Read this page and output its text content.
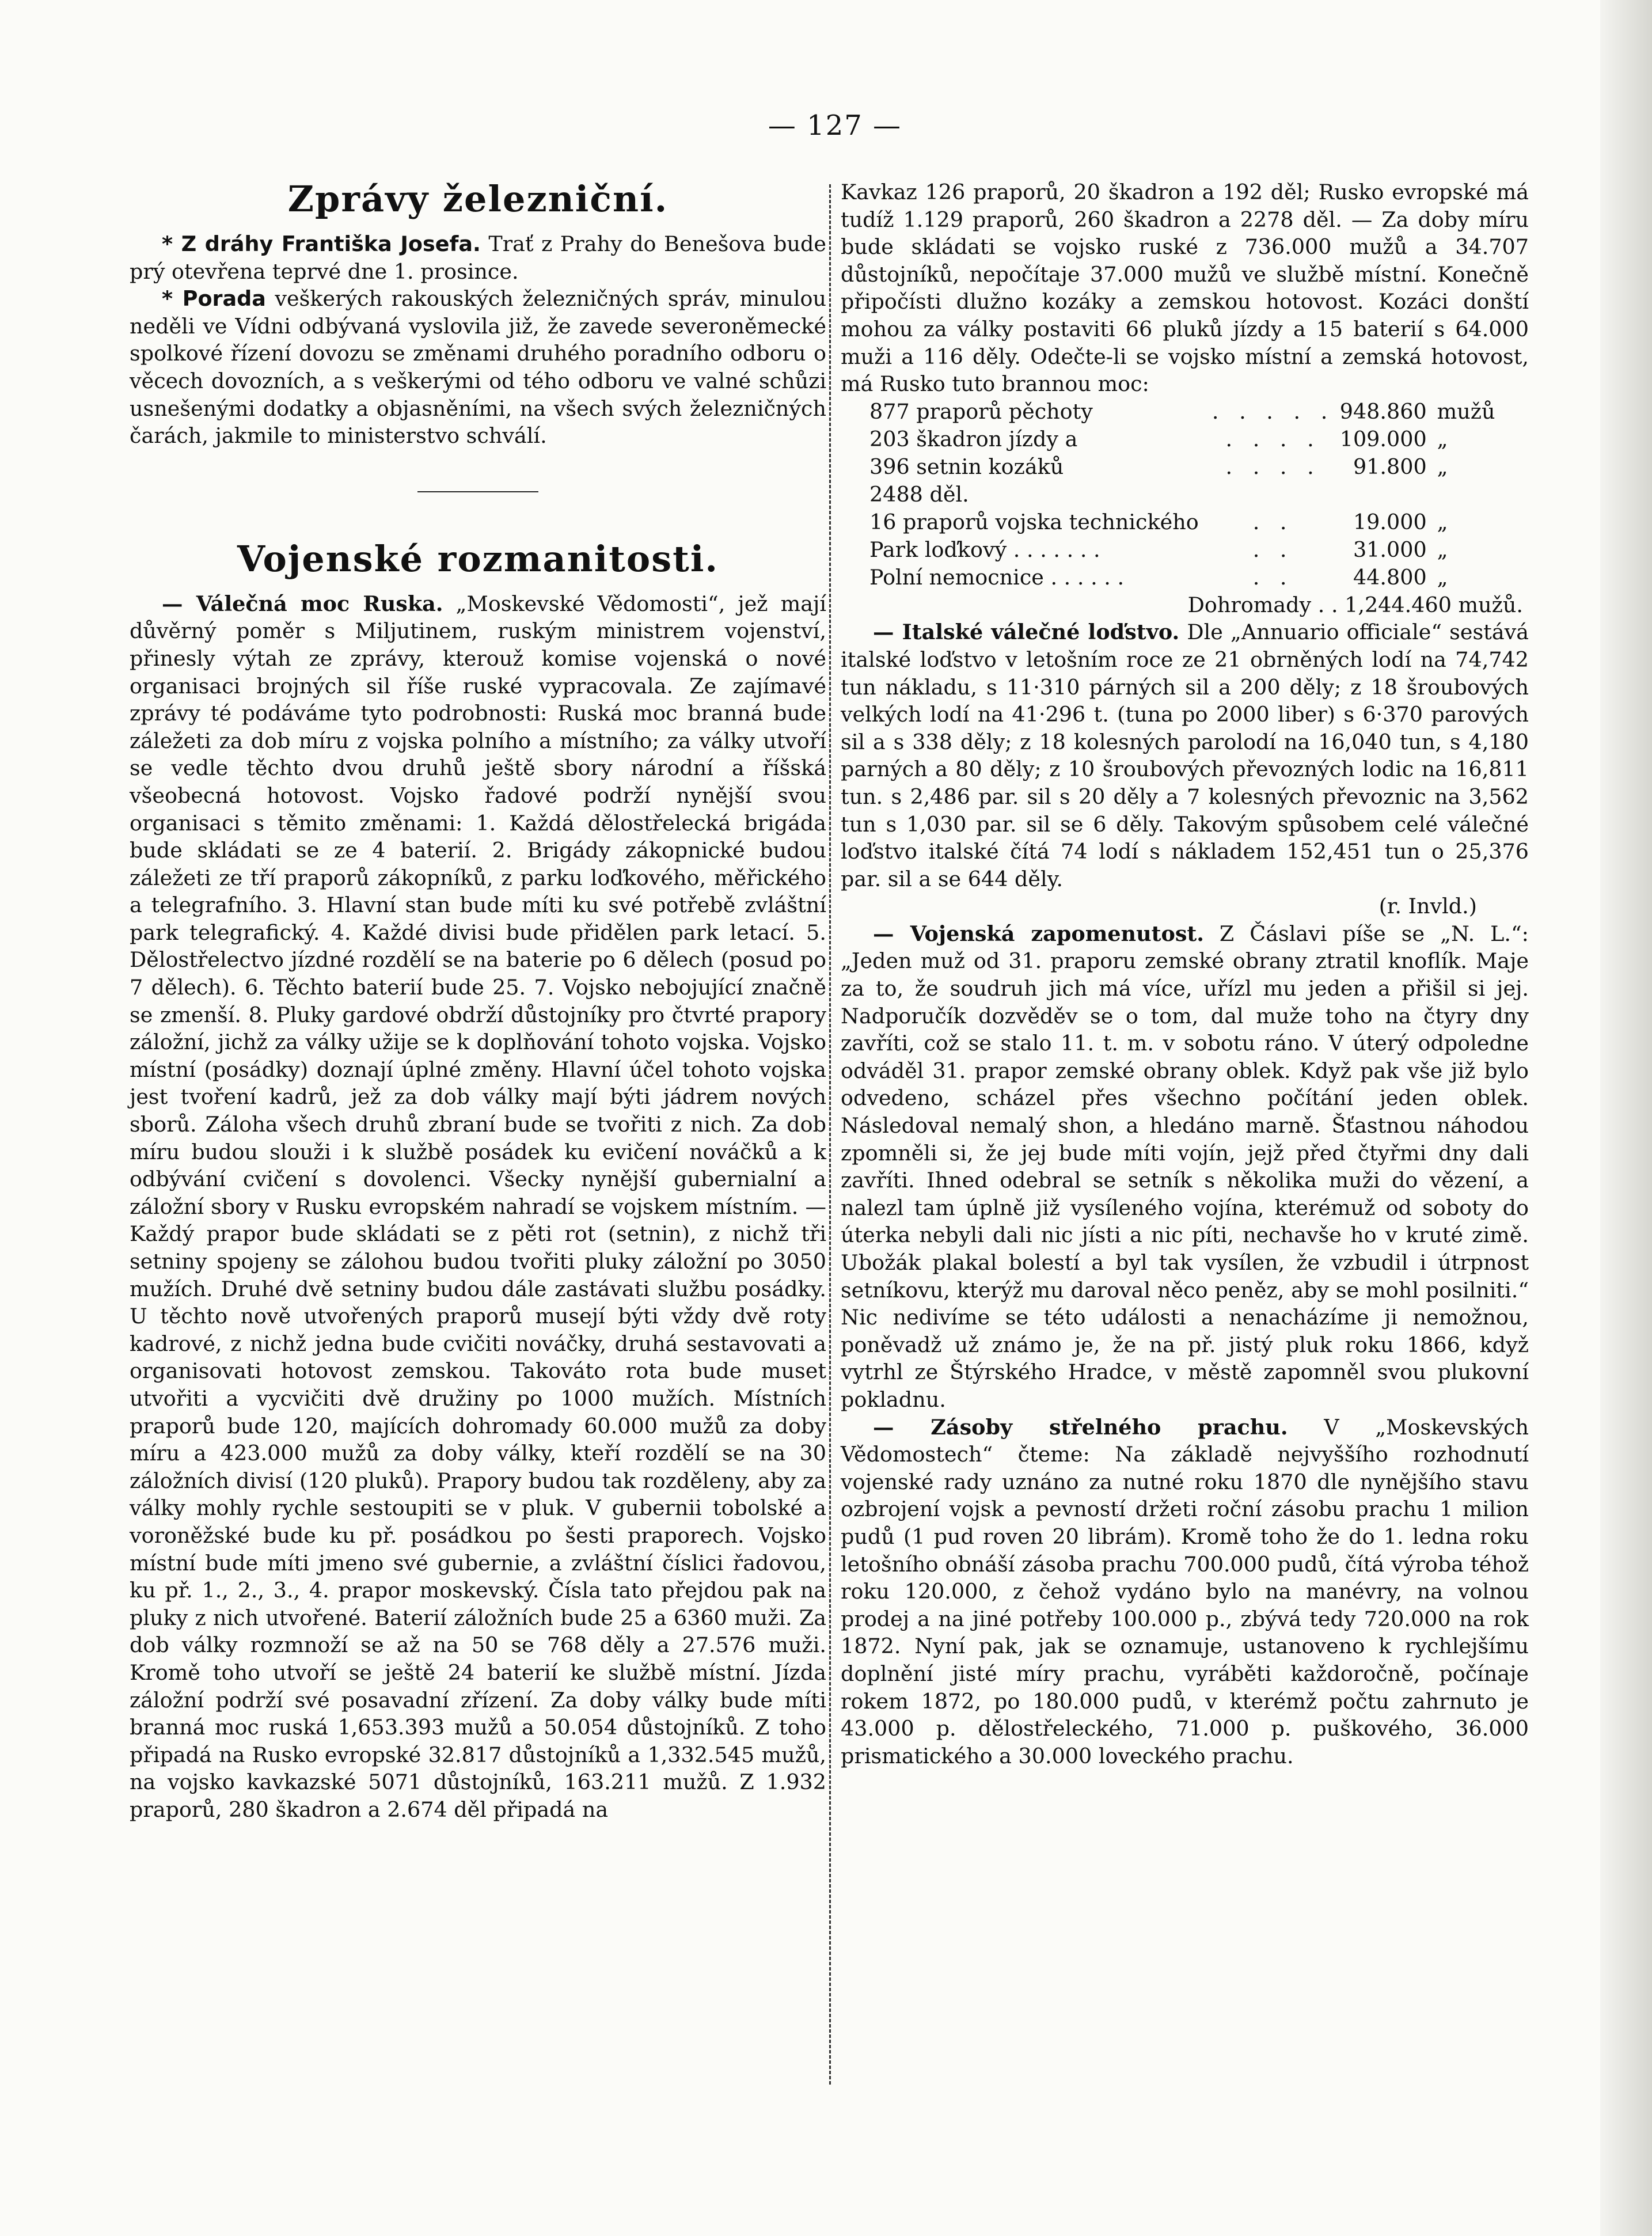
— 127 —
Zprávy železniční.

* Z dráhy Františka Josefa. Trať z Prahy do Benešova bude prý otevřena teprvé dne 1. prosince.

* Porada veškerých rakouských železničných správ, minulou neděli ve Vídni odbývaná vyslovila již, že zavede severoněmecké spolkové řízení dovozu se změnami druhého poradního odboru o věcech dovozních, a s veškerými od tého odboru ve valné schůzi usnešenými dodatky a objasněními, na všech svých železničných čarách, jakmile to ministerstvo schválí.

Vojenské rozmanitosti.

— Válečná moc Ruska. „Moskevské Vědomosti“, jež mají důvěrný poměr s Miljutinem, ruským ministrem vojenství, přinesly výtah ze zprávy, kterouž komise vojenská o nové organisaci brojných sil říše ruské vypracovala. Ze zajímavé zprávy té podáváme tyto podrobnosti: Ruská moc branná bude záležeti za dob míru z vojska polního a místního; za války utvoří se vedle těchto dvou druhů ještě sbory národní a říšská všeobecná hotovost. Vojsko řadové podrží nynější svou organisaci s těmito změnami: 1. Každá dělostřelecká brigáda bude skládati se ze 4 baterií. 2. Brigády zákopnické budou záležeti ze tří praporů zákopníků, z parku loďkového, měřického a telegrafního. 3. Hlavní stan bude míti ku své potřebě zvláštní park telegrafický. 4. Každé divisi bude přidělen park letací. 5. Dělostřelectvo jízdné rozdělí se na baterie po 6 dělech (posud po 7 dělech). 6. Těchto baterií bude 25. 7. Vojsko nebojující značně se zmenší. 8. Pluky gardové obdrží důstojníky pro čtvrté prapory záložní, jichž za války užije se k doplňování tohoto vojska. Vojsko místní (posádky) doznají úplné změny. Hlavní účel tohoto vojska jest tvoření kadrů, jež za dob války mají býti jádrem nových sborů. Záloha všech druhů zbraní bude se tvořiti z nich. Za dob míru budou slouži i k službě posádek ku evičení nováčků a k odbývání cvičení s dovolenci. Všecky nynější gubernialní a záložní sbory v Rusku evropském nahradí se vojskem místním. — Každý prapor bude skládati se z pěti rot (setnin), z nichž tři setniny spojeny se zálohou budou tvořiti pluky záložní po 3050 mužích. Druhé dvě setniny budou dále zastávati službu posádky. U těchto nově utvořených praporů musejí býti vždy dvě roty kadrové, z nichž jedna bude cvičiti nováčky, druhá sestavovati a organisovati hotovost zemskou. Takováto rota bude muset utvořiti a vycvičiti dvě družiny po 1000 mužích. Místních praporů bude 120, majících dohromady 60.000 mužů za doby míru a 423.000 mužů za doby války, kteří rozdělí se na 30 záložních divisí (120 pluků). Prapory budou tak rozděleny, aby za války mohly rychle sestoupiti se v pluk. V gubernii tobolské a voroněžské bude ku př. posádkou po šesti praporech. Vojsko místní bude míti jmeno své gubernie, a zvláštní číslici řadovou, ku př. 1., 2., 3., 4. prapor moskevský. Čísla tato přejdou pak na pluky z nich utvořené. Baterií záložních bude 25 a 6360 muži. Za dob války rozmnoží se až na 50 se 768 děly a 27.576 muži. Kromě toho utvoří se ještě 24 baterií ke službě místní. Jízda záložní podrží své posavadní zřízení. Za doby války bude míti branná moc ruská 1,653.393 mužů a 50.054 důstojníků. Z toho připadá na Rusko evropské 32.817 důstojníků a 1,332.545 mužů, na vojsko kavkazské 5071 důstojníků, 163.211 mužů. Z 1.932 praporů, 280 škadron a 2.674 děl připadá na

Kavkaz 126 praporů, 20 škadron a 192 děl; Rusko evropské má tudíž 1.129 praporů, 260 škadron a 2278 děl. — Za doby míru bude skládati se vojsko ruské z 736.000 mužů a 34.707 důstojníků, nepočítaje 37.000 mužů ve službě místní. Konečně připočísti dlužno kozáky a zemskou hotovost. Kozáci donští mohou za války postaviti 66 pluků jízdy a 15 baterií s 64.000 muži a 116 děly. Odečte-li se vojsko místní a zemská hotovost, má Rusko tuto brannou moc:

877 praporů pěchoty	. . . . .	948.860	mužů
203 škadron jízdy a	. . . .	109.000	„
396 setnin kozáků	. . . .	91.800	„
2488 děl.			
16 praporů vojska technického	. .	19.000	„
Park loďkový . . . . . . .	. .	31.000	„
Polní nemocnice . . . . . .	. .	44.800	„
Dohromady . . 1,244.460 mužů.

— Italské válečné loďstvo. Dle „Annuario officiale“ sestává italské loďstvo v letošním roce ze 21 obrněných lodí na 74,742 tun nákladu, s 11·310 párných sil a 200 děly; z 18 šroubových velkých lodí na 41·296 t. (tuna po 2000 liber) s 6·370 parových sil a s 338 děly; z 18 kolesných parolodí na 16,040 tun, s 4,180 parných a 80 děly; z 10 šroubových převozných lodic na 16,811 tun. s 2,486 par. sil s 20 děly a 7 kolesných převoznic na 3,562 tun s 1,030 par. sil se 6 děly. Takovým spůsobem celé válečné loďstvo italské čítá 74 lodí s nákladem 152,451 tun o 25,376 par. sil a se 644 děly.

(r. Invld.)

— Vojenská zapomenutost. Z Čáslavi píše se „N. L.“: „Jeden muž od 31. praporu zemské obrany ztratil knoflík. Maje za to, že soudruh jich má více, uřízl mu jeden a přišil si jej. Nadporučík dozvěděv se o tom, dal muže toho na čtyry dny zavříti, což se stalo 11. t. m. v sobotu ráno. V úterý odpoledne odváděl 31. prapor zemské obrany oblek. Když pak vše již bylo odvedeno, scházel přes všechno počítání jeden oblek. Následoval nemalý shon, a hledáno marně. Šťastnou náhodou zpomněli si, že jej bude míti vojín, jejž před čtyřmi dny dali zavříti. Ihned odebral se setník s několika muži do vězení, a nalezl tam úplně již vysíleného vojína, kterémuž od soboty do úterka nebyli dali nic jísti a nic píti, nechavše ho v kruté zimě. Ubožák plakal bolestí a byl tak vysílen, že vzbudil i útrpnost setníkovu, kterýž mu daroval něco peněz, aby se mohl posilniti.“ Nic nedivíme se této události a nenacházíme ji nemožnou, poněvadž už známo je, že na př. jistý pluk roku 1866, když vytrhl ze Štýrského Hradce, v městě zapomněl svou plukovní pokladnu.

— Zásoby střelného prachu. V „Moskevských Vědomostech“ čteme: Na základě nejvyššího rozhodnutí vojenské rady uznáno za nutné roku 1870 dle nynějšího stavu ozbrojení vojsk a pevností držeti roční zásobu prachu 1 milion pudů (1 pud roven 20 librám). Kromě toho že do 1. ledna roku letošního obnáší zásoba prachu 700.000 pudů, čítá výroba téhož roku 120.000, z čehož vydáno bylo na manévry, na volnou prodej a na jiné potřeby 100.000 p., zbývá tedy 720.000 na rok 1872. Nyní pak, jak se oznamuje, ustanoveno k rychlejšímu doplnění jisté míry prachu, vyráběti každoročně, počínaje rokem 1872, po 180.000 pudů, v kterémž počtu zahrnuto je 43.000 p. dělostřeleckého, 71.000 p. puškového, 36.000 prismatického a 30.000 loveckého prachu.
